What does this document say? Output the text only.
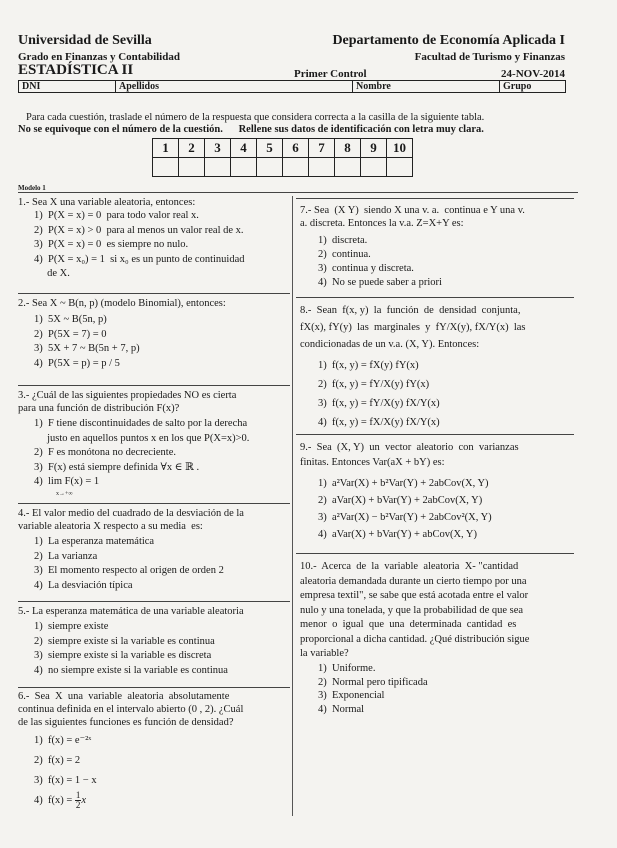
Universidad de Sevilla
Grado en Finanzas y Contabilidad
ESTADÍSTICA II
Departamento de Economía Aplicada I
Facultad de Turismo y Finanzas
Primer Control	24-NOV-2014
DNI	Apellidos	Nombre	Grupo
Para cada cuestión, traslade el número de la respuesta que considera correcta a la casilla de la siguiente tabla.
No se equivoque con el número de la cuestión.      Rellene sus datos de identificación con letra muy clara.
1	2	3	4	5	6	7	8	9	10

Modelo 1
1.- Sea X una variable aleatoria, entonces:
1)  P(X = x) = 0  para todo valor real x.
2)  P(X = x) > 0  para al menos un valor real de x.
3)  P(X = x) = 0  es siempre no nulo.
4)  P(X = x₀) = 1  si x₀ es un punto de continuidad
de X.
2.- Sea X ~ B(n, p) (modelo Binomial), entonces:
1)  5X ~ B(5n, p)
2)  P(5X = 7) = 0
3)  5X + 7 ~ B(5n + 7, p)
4)  P(5X = p) = p / 5
3.- ¿Cuál de las siguientes propiedades NO es cierta
para una función de distribución F(x)?
1)  F tiene discontinuidades de salto por la derecha
justo en aquellos puntos x en los que P(X=x)>0.
2)  F es monótona no decreciente.
3)  F(x) está siempre definida ∀x ∈ ℝ .
4)  lim F(x) = 1
x→+∞
4.- El valor medio del cuadrado de la desviación de la
variable aleatoria X respecto a su media  es:
1)  La esperanza matemática
2)  La varianza
3)  El momento respecto al origen de orden 2
4)  La desviación típica
5.- La esperanza matemática de una variable aleatoria
1)  siempre existe
2)  siempre existe si la variable es continua
3)  siempre existe si la variable es discreta
4)  no siempre existe si la variable es continua
6.-  Sea  X  una  variable  aleatoria  absolutamente
continua definida en el intervalo abierto (0 , 2). ¿Cuál
de las siguientes funciones es función de densidad?
1)  f(x) = e⁻²ˣ
2)  f(x) = 2
3)  f(x) = 1 − x
4)  $f(x) = \frac{1}{2}$ x
7.- Sea  (X Y)  siendo X una v. a.  continua e Y una v.
a. discreta. Entonces la v.a. Z=X+Y es:
1)  discreta.
2)  continua.
3)  continua y discreta.
4)  No se puede saber a priori
8.-  Sean  f(x, y)  la  función  de  densidad  conjunta,
fX(x), fY(y)  las  marginales  y  fY/X(y), fX/Y(x)  las
condicionadas de un v.a. (X, Y). Entonces:
1)  f(x, y) = fX(y) fY(x)
2)  f(x, y) = fY/X(y) fY(x)
3)  f(x, y) = fY/X(y) fX/Y(x)
4)  f(x, y) = fX/X(y) fX/Y(x)
9.-  Sea  (X, Y)  un  vector  aleatorio  con  varianzas
finitas. Entonces Var(aX + bY) es:
1)  a²Var(X) + b²Var(Y) + 2abCov(X, Y)
2)  aVar(X) + bVar(Y) + 2abCov(X, Y)
3)  a²Var(X) − b²Var(Y) + 2abCov²(X, Y)
4)  aVar(X) + bVar(Y) + abCov(X, Y)
10.-  Acerca  de  la  variable  aleatoria  X- "cantidad
aleatoria demandada durante un cierto tiempo por una
empresa textil", se sabe que está acotada entre el valor
nulo y una tonelada, y que la probabilidad de que sea
menor  o  igual  que  una  determinada  cantidad  es
proporcional a dicha cantidad. ¿Qué distribución sigue
la variable?
1)  Uniforme.
2)  Normal pero tipificada
3)  Exponencial
4)  Normal
